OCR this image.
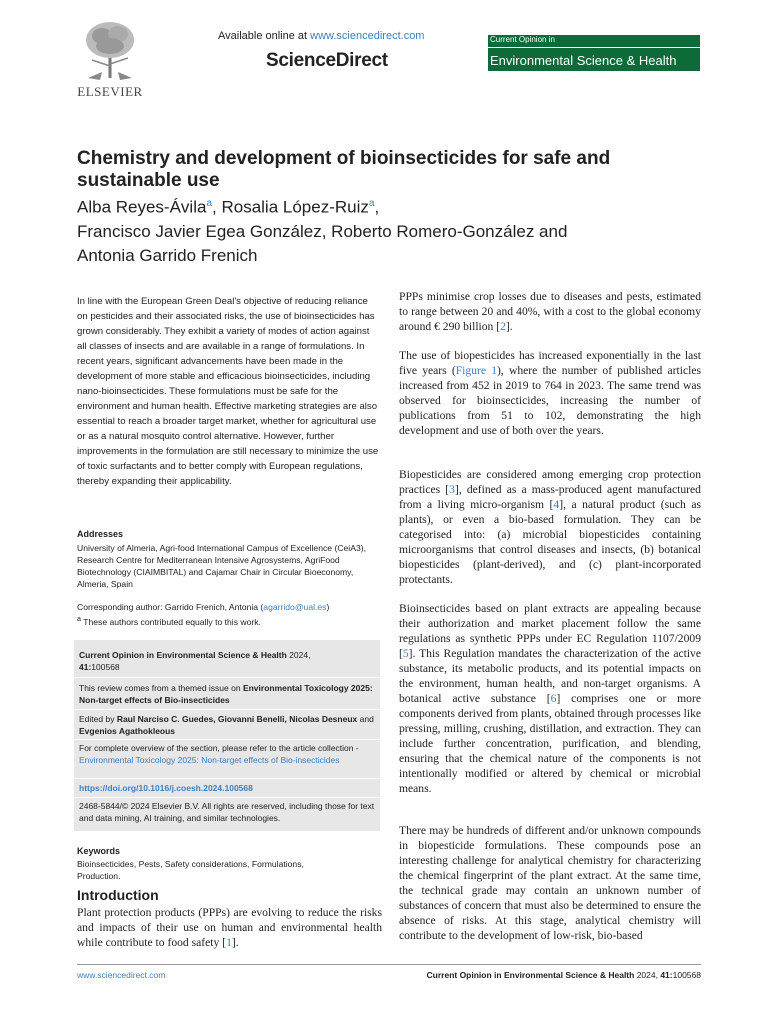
ELSEVIER
Available online at www.sciencedirect.com
ScienceDirect
Current Opinion in
Environmental Science & Health
Chemistry and development of bioinsecticides for safe and
sustainable use
Alba Reyes-Ávila$^a$, Rosalia López-Ruiz$^a$,
Francisco Javier Egea González, Roberto Romero-González and
Antonia Garrido Frenich

In line with the European Green Deal's objective of reducing reliance on pesticides and their associated risks, the use of bioinsecticides has grown considerably. They exhibit a variety of modes of action against all classes of insects and are available in a range of formulations. In recent years, significant advancements have been made in the development of more stable and efficacious bioinsecticides, including nano-bioinsecticides. These formulations must be safe for the environment and human health. Effective marketing strategies are also essential to reach a broader target market, whether for agricultural use or as a natural mosquito control alternative. However, further improvements in the formulation are still necessary to minimize the use of toxic surfactants and to better comply with European regulations, thereby expanding their applicability.

Addresses

University of Almeria, Agri-food International Campus of Excellence (CeiA3), Research Centre for Mediterranean Intensive Agrosystems, AgriFood Biotechnology (CIAIMBITAL) and Cajamar Chair in Circular Bioeconomy, Almeria, Spain

Corresponding author: Garrido Frenich, Antonia (agarrido@ual.es)
$^a$ These authors contributed equally to this work.

Current Opinion in Environmental Science & Health 2024,
41:100568

This review comes from a themed issue on Environmental Toxicology 2025: Non-target effects of Bio-insecticides

Edited by Raul Narciso C. Guedes, Giovanni Benelli, Nicolas Desneux and Evgenios Agathokleous

For complete overview of the section, please refer to the article collection - Environmental Toxicology 2025: Non-target effects of Bio-insecticides

https://doi.org/10.1016/j.coesh.2024.100568

2468-5844/© 2024 Elsevier B.V. All rights are reserved, including those for text and data mining, AI training, and similar technologies.

Keywords

Bioinsecticides, Pests, Safety considerations, Formulations, Production.

Introduction

Plant protection products (PPPs) are evolving to reduce the risks and impacts of their use on human and environmental health while contribute to food safety [1].

PPPs minimise crop losses due to diseases and pests, estimated to range between 20 and 40%, with a cost to the global economy around € 290 billion [2].

The use of biopesticides has increased exponentially in the last five years (Figure 1), where the number of published articles increased from 452 in 2019 to 764 in 2023. The same trend was observed for bioinsecticides, increasing the number of publications from 51 to 102, demonstrating the high development and use of both over the years.

Biopesticides are considered among emerging crop protection practices [3], defined as a mass-produced agent manufactured from a living micro-organism [4], a natural product (such as plants), or even a bio-based formulation. They can be categorised into: (a) microbial biopesticides containing microorganisms that control diseases and insects, (b) botanical biopesticides (plant-derived), and (c) plant-incorporated protectants.

Bioinsecticides based on plant extracts are appealing because their authorization and market placement follow the same regulations as synthetic PPPs under EC Regulation 1107/2009 [5]. This Regulation mandates the characterization of the active substance, its metabolic products, and its potential impacts on the environment, human health, and non-target organisms. A botanical active substance [6] comprises one or more components derived from plants, obtained through processes like pressing, milling, crushing, distillation, and extraction. They can include further concentration, purification, and blending, ensuring that the chemical nature of the components is not intentionally modified or altered by chemical or microbial means.

There may be hundreds of different and/or unknown compounds in biopesticide formulations. These compounds pose an interesting challenge for analytical chemistry for characterizing the chemical fingerprint of the plant extract. At the same time, the technical grade may contain an unknown number of substances of concern that must also be determined to ensure the absence of risks. At this stage, analytical chemistry will contribute to the development of low-risk, bio-based

www.sciencedirect.com	Current Opinion in Environmental Science & Health 2024, 41:100568
